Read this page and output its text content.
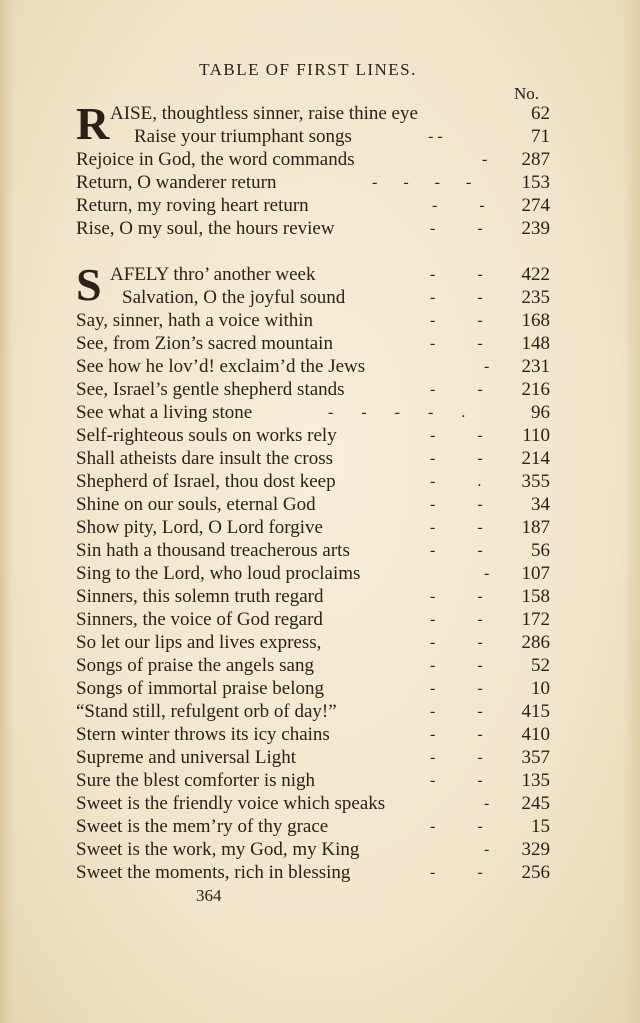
TABLE OF FIRST LINES.
No.
R AISE, thoughtless sinner, raise thine eye	62
Raise your triumphant songs	- -	71
Rejoice in God, the word commands	- 287
Return, O wanderer return	- - - -	153
Return, my roving heart return	- - 274
Rise, O my soul, the hours review	- - 239
S AFELY thro’ another week	- - 422
Salvation, O the joyful sound	- - 235
Say, sinner, hath a voice within	- - 168
See, from Zion’s sacred mountain	- - 148
See how he lov’d! exclaim’d the Jews	- 231
See, Israel’s gentle shepherd stands	- - 216
See what a living stone	- - - - .	96
Self-righteous souls on works rely	- - 110
Shall atheists dare insult the cross	- - 214
Shepherd of Israel, thou dost keep	- . 355
Shine on our souls, eternal God	- -	34
Show pity, Lord, O Lord forgive	- - 187
Sin hath a thousand treacherous arts	- -	56
Sing to the Lord, who loud proclaims	- 107
Sinners, this solemn truth regard	- - 158
Sinners, the voice of God regard	- - 172
So let our lips and lives express,	- - 286
Songs of praise the angels sang	- -	52
Songs of immortal praise belong	- -	10
“Stand still, refulgent orb of day!”	- - 415
Stern winter throws its icy chains	- - 410
Supreme and universal Light	- - 357
Sure the blest comforter is nigh	- - 135
Sweet is the friendly voice which speaks	- 245
Sweet is the mem’ry of thy grace	- -	15
Sweet is the work, my God, my King	- 329
Sweet the moments, rich in blessing	- - 256
364
